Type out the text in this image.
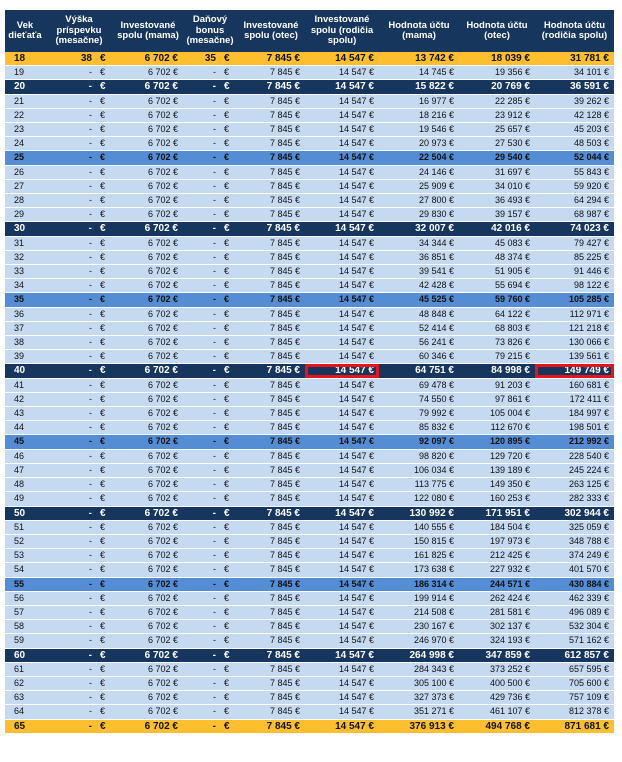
Vek dieťaťa	Výška príspevku (mesačne)	Investované spolu (mama)	Daňový bonus (mesačne)	Investované spolu (otec)	Investované spolu (rodičia spolu)	Hodnota účtu (mama)	Hodnota účtu (otec)	Hodnota účtu (rodičia spolu)
18	38 €	6 702 €	35 €	7 845 €	14 547 €	13 742 €	18 039 €	31 781 €
19	- €	6 702 €	- €	7 845 €	14 547 €	14 745 €	19 356 €	34 101 €
20	- €	6 702 €	- €	7 845 €	14 547 €	15 822 €	20 769 €	36 591 €
21	- €	6 702 €	- €	7 845 €	14 547 €	16 977 €	22 285 €	39 262 €
22	- €	6 702 €	- €	7 845 €	14 547 €	18 216 €	23 912 €	42 128 €
23	- €	6 702 €	- €	7 845 €	14 547 €	19 546 €	25 657 €	45 203 €
24	- €	6 702 €	- €	7 845 €	14 547 €	20 973 €	27 530 €	48 503 €
25	- €	6 702 €	- €	7 845 €	14 547 €	22 504 €	29 540 €	52 044 €
26	- €	6 702 €	- €	7 845 €	14 547 €	24 146 €	31 697 €	55 843 €
27	- €	6 702 €	- €	7 845 €	14 547 €	25 909 €	34 010 €	59 920 €
28	- €	6 702 €	- €	7 845 €	14 547 €	27 800 €	36 493 €	64 294 €
29	- €	6 702 €	- €	7 845 €	14 547 €	29 830 €	39 157 €	68 987 €
30	- €	6 702 €	- €	7 845 €	14 547 €	32 007 €	42 016 €	74 023 €
31	- €	6 702 €	- €	7 845 €	14 547 €	34 344 €	45 083 €	79 427 €
32	- €	6 702 €	- €	7 845 €	14 547 €	36 851 €	48 374 €	85 225 €
33	- €	6 702 €	- €	7 845 €	14 547 €	39 541 €	51 905 €	91 446 €
34	- €	6 702 €	- €	7 845 €	14 547 €	42 428 €	55 694 €	98 122 €
35	- €	6 702 €	- €	7 845 €	14 547 €	45 525 €	59 760 €	105 285 €
36	- €	6 702 €	- €	7 845 €	14 547 €	48 848 €	64 122 €	112 971 €
37	- €	6 702 €	- €	7 845 €	14 547 €	52 414 €	68 803 €	121 218 €
38	- €	6 702 €	- €	7 845 €	14 547 €	56 241 €	73 826 €	130 066 €
39	- €	6 702 €	- €	7 845 €	14 547 €	60 346 €	79 215 €	139 561 €
40	- €	6 702 €	- €	7 845 €	14 547 €	64 751 €	84 998 €	149 749 €
41	- €	6 702 €	- €	7 845 €	14 547 €	69 478 €	91 203 €	160 681 €
42	- €	6 702 €	- €	7 845 €	14 547 €	74 550 €	97 861 €	172 411 €
43	- €	6 702 €	- €	7 845 €	14 547 €	79 992 €	105 004 €	184 997 €
44	- €	6 702 €	- €	7 845 €	14 547 €	85 832 €	112 670 €	198 501 €
45	- €	6 702 €	- €	7 845 €	14 547 €	92 097 €	120 895 €	212 992 €
46	- €	6 702 €	- €	7 845 €	14 547 €	98 820 €	129 720 €	228 540 €
47	- €	6 702 €	- €	7 845 €	14 547 €	106 034 €	139 189 €	245 224 €
48	- €	6 702 €	- €	7 845 €	14 547 €	113 775 €	149 350 €	263 125 €
49	- €	6 702 €	- €	7 845 €	14 547 €	122 080 €	160 253 €	282 333 €
50	- €	6 702 €	- €	7 845 €	14 547 €	130 992 €	171 951 €	302 944 €
51	- €	6 702 €	- €	7 845 €	14 547 €	140 555 €	184 504 €	325 059 €
52	- €	6 702 €	- €	7 845 €	14 547 €	150 815 €	197 973 €	348 788 €
53	- €	6 702 €	- €	7 845 €	14 547 €	161 825 €	212 425 €	374 249 €
54	- €	6 702 €	- €	7 845 €	14 547 €	173 638 €	227 932 €	401 570 €
55	- €	6 702 €	- €	7 845 €	14 547 €	186 314 €	244 571 €	430 884 €
56	- €	6 702 €	- €	7 845 €	14 547 €	199 914 €	262 424 €	462 339 €
57	- €	6 702 €	- €	7 845 €	14 547 €	214 508 €	281 581 €	496 089 €
58	- €	6 702 €	- €	7 845 €	14 547 €	230 167 €	302 137 €	532 304 €
59	- €	6 702 €	- €	7 845 €	14 547 €	246 970 €	324 193 €	571 162 €
60	- €	6 702 €	- €	7 845 €	14 547 €	264 998 €	347 859 €	612 857 €
61	- €	6 702 €	- €	7 845 €	14 547 €	284 343 €	373 252 €	657 595 €
62	- €	6 702 €	- €	7 845 €	14 547 €	305 100 €	400 500 €	705 600 €
63	- €	6 702 €	- €	7 845 €	14 547 €	327 373 €	429 736 €	757 109 €
64	- €	6 702 €	- €	7 845 €	14 547 €	351 271 €	461 107 €	812 378 €
65	- €	6 702 €	- €	7 845 €	14 547 €	376 913 €	494 768 €	871 681 €
